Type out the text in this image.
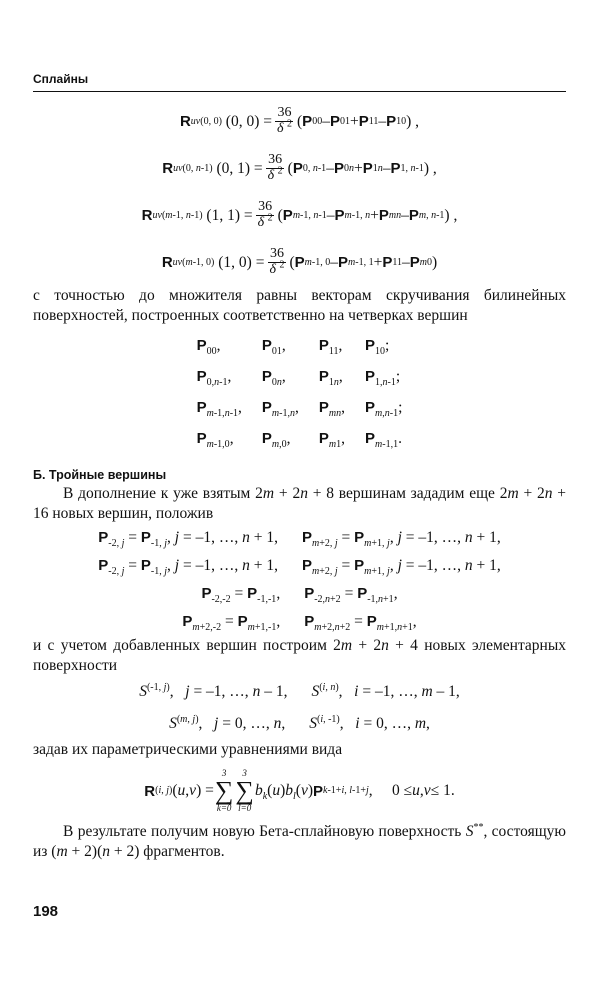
Сплайны
R uv (0, 0) (0, $0) = \frac{36}{\delta ^2}$ ( P 00 – P 01 + P 11 – P 10 ) ,
R uv (0, n-1) (0, $1) = \frac{36}{\delta ^2}$ ( P 0, n-1 – P 0n + P 1n – P 1, n-1 ) ,
R uv (m-1, n-1) (1, $1) = \frac{36}{\delta ^2}$ ( P m-1, n-1 – P m-1, n + P mn – P m, n-1 ) ,
R uv (m-1, 0) (1, $0) = \frac{36}{\delta ^2}$ ( P m-1, 0 – P m-1, 1 + P 11 – P m0 )

с точностью до множителя равны векторам скручивания билинейных поверхностей, построенных соответственно на четверках вершин

$P_{00}$,	$P_{01}$,	$P_{11}$,	$P_{10}$;
$P_{0,n-1}$,	$P_{0n}$,	$P_{1n}$,	$P_{1,n-1}$;
$P_{m-1,n-1}$,	$P_{m-1,n}$,	$P_{mn}$,	$P_{m,n-1}$;
$P_{m-1,0}$,	$P_{m,0}$,	$P_{m1}$,	$P_{m-1,1}$.
Б. Тройные вершины

В дополнение к уже взятым 2m + 2n + 8 вершинам зададим еще 2m + 2n + 16 новых вершин, положив

$P_{-2, j} = P_{-1, j}$, j = –1, …, n + 1, $P_{m+2, j} = P_{m+1, j}$, j = –1, …, n + 1,
$P_{-2, j} = P_{-1, j}$, j = –1, …, n + 1, $P_{m+2, j} = P_{m+1, j}$, j = –1, …, n + 1,
$P_{-2,-2} = P_{-1,-1}$, $P_{-2,n+2} = P_{-1,n+1}$,
$P_{m+2,-2} = P_{m+1,-1}$, $P_{m+2,n+2} = P_{m+1,n+1}$,

и с учетом добавленных вершин построим 2m + 2n + 4 новых элементарных поверхности

$S^{(-1, j)}$,   j = –1, …, n – 1, S$^{(i, n)}$,   i = –1, …, m – 1,
S$^{(m, j)}$,   j = 0, …, n, $S^{(i, -1)}$,   i = 0, …, m,

задав их параметрическими уравнениями вида

R (i, j) ( u , v ) =
3
∑
k=0
3
∑
l=0
$b_k$ ( u ) $b_l$ ( v ) P k-1+i, l-1+j ,     0 ≤ u , v ≤ 1.

В результате получим новую Бета-сплайновую поверхность S**, состоящую из (m + 2)(n + 2) фрагментов.

198
